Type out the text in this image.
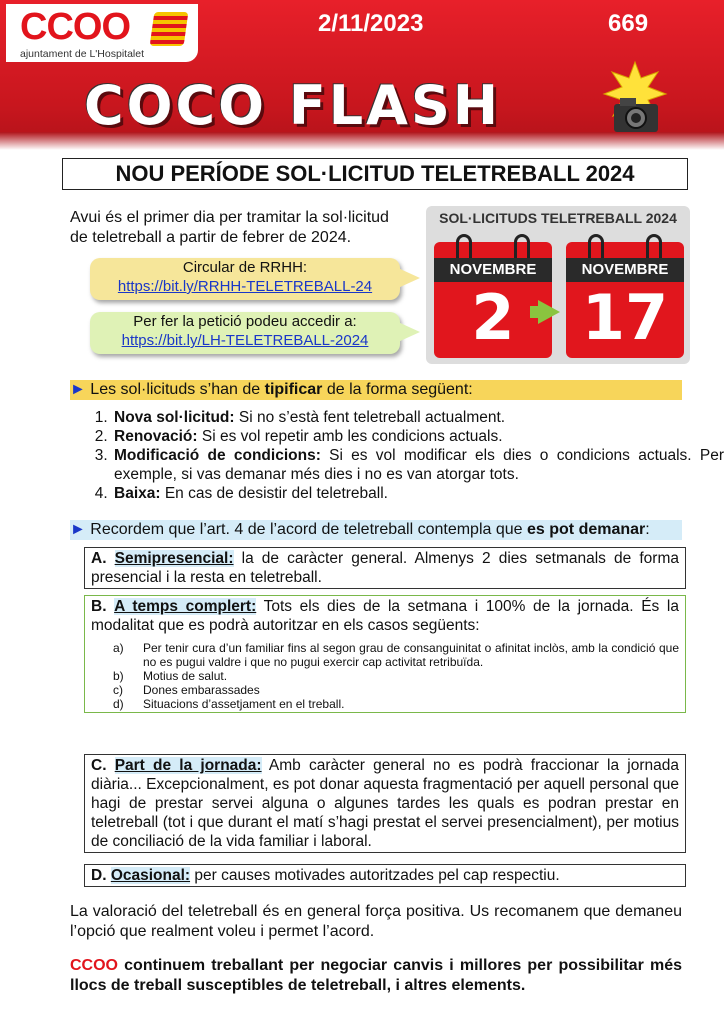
CCOO
ajuntament de L'Hospitalet
2/11/2023	669
COCO FLASH
NOU PERÍODE SOL·LICITUD TELETREBALL 2024
Avui és el primer dia per tramitar la sol·licitud de teletreball a partir de febrer de 2024.
Circular de RRHH:
https://bit.ly/RRHH-TELETREBALL-24
Per fer la petició podeu accedir a:
https://bit.ly/LH-TELETREBALL-2024
SOL·LICITUDS TELETREBALL 2024
NOVEMBRE
2
NOVEMBRE
17
► Les sol·licituds s’han de tipificar de la forma següent:
1. Nova sol·licitud: Si no s’està fent teletreball actualment.
2. Renovació: Si es vol repetir amb les condicions actuals.
3. Modificació de condicions: Si es vol modificar els dies o condicions actuals. Per exemple, si vas demanar més dies i no es van atorgar tots.
4. Baixa: En cas de desistir del teletreball.
► Recordem que l’art. 4 de l’acord de teletreball contempla que es pot demanar:
A. Semipresencial: la de caràcter general. Almenys 2 dies setmanals de forma presencial i la resta en teletreball.
B. A temps complert: Tots els dies de la setmana i 100% de la jornada. És la modalitat que es podrà autoritzar en els casos següents:
a) Per tenir cura d’un familiar fins al segon grau de consanguinitat o afinitat inclòs, amb la condició que no es pugui valdre i que no pugui exercir cap activitat retribuïda.
b) Motius de salut.
c) Dones embarassades
d) Situacions d’assetjament en el treball.
C. Part de la jornada: Amb caràcter general no es podrà fraccionar la jornada diària... Excepcionalment, es pot donar aquesta fragmentació per aquell personal que hagi de prestar servei alguna o algunes tardes les quals es podran prestar en teletreball (tot i que durant el matí s’hagi prestat el servei presencialment), per motius de conciliació de la vida familiar i laboral.
D. Ocasional: per causes motivades autoritzades pel cap respectiu.
La valoració del teletreball és en general força positiva. Us recomanem que demaneu l’opció que realment voleu i permet l’acord.
CCOO continuem treballant per negociar canvis i millores per possibilitar més llocs de treball susceptibles de teletreball, i altres elements.
